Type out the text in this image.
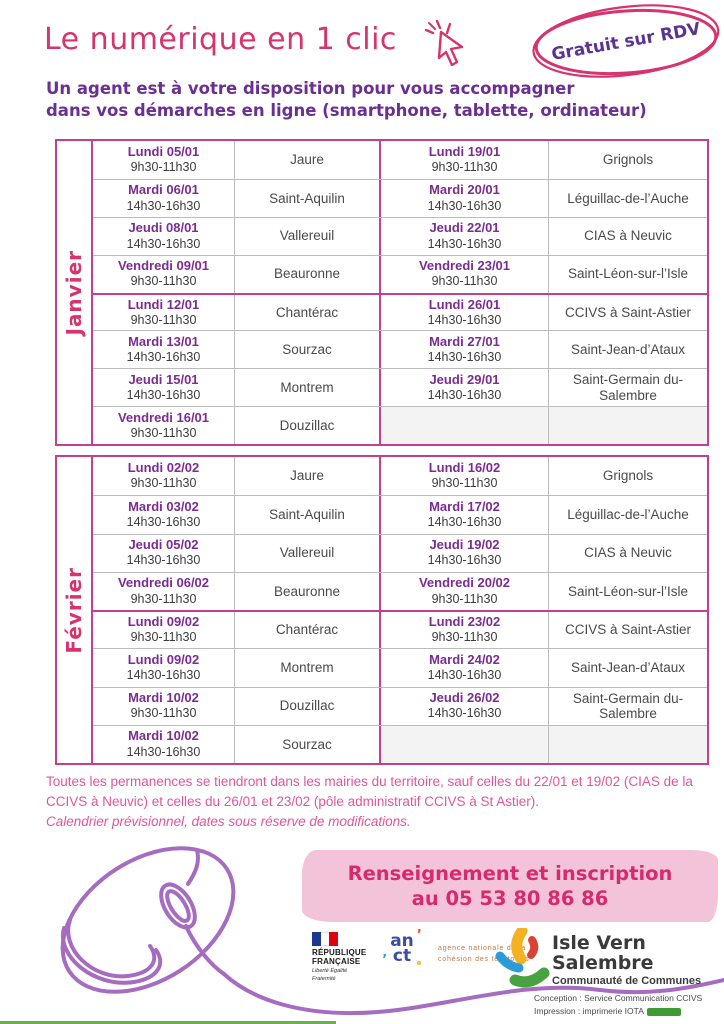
Le numérique en 1 clic	Gratuit sur RDV
Un agent est à votre disposition pour vous accompagner
dans vos démarches en ligne (smartphone, tablette, ordinateur)
Janvier
Lundi 05/01
9h30-11h30
Jaure
Lundi 19/01
9h30-11h30
Grignols
Mardi 06/01
14h30-16h30
Saint-Aquilin
Mardi 20/01
14h30-16h30
Léguillac-de-l’Auche
Jeudi 08/01
14h30-16h30
Vallereuil
Jeudi 22/01
14h30-16h30
CIAS à Neuvic
Vendredi 09/01
9h30-11h30
Beauronne
Vendredi 23/01
9h30-11h30
Saint-Léon-sur-l’Isle
Lundi 12/01
9h30-11h30
Chantérac
Lundi 26/01
14h30-16h30
CCIVS à Saint-Astier
Mardi 13/01
14h30-16h30
Sourzac
Mardi 27/01
14h30-16h30
Saint-Jean-d’Ataux
Jeudi 15/01
14h30-16h30
Montrem
Jeudi 29/01
14h30-16h30
Saint-Germain du-Salembre
Vendredi 16/01
9h30-11h30
Douzillac
Février
Lundi 02/02
9h30-11h30
Jaure
Lundi 16/02
9h30-11h30
Grignols
Mardi 03/02
14h30-16h30
Saint-Aquilin
Mardi 17/02
14h30-16h30
Léguillac-de-l’Auche
Jeudi 05/02
14h30-16h30
Vallereuil
Jeudi 19/02
14h30-16h30
CIAS à Neuvic
Vendredi 06/02
9h30-11h30
Beauronne
Vendredi 20/02
9h30-11h30
Saint-Léon-sur-l’Isle
Lundi 09/02
9h30-11h30
Chantérac
Lundi 23/02
9h30-11h30
CCIVS à Saint-Astier
Lundi 09/02
14h30-16h30
Montrem
Mardi 24/02
14h30-16h30
Saint-Jean-d’Ataux
Mardi 10/02
9h30-11h30
Douzillac
Jeudi 26/02
14h30-16h30
Saint-Germain du-Salembre
Mardi 10/02
14h30-16h30
Sourzac

Toutes les permanences se tiendront dans les mairies du territoire, sauf celles du 22/01 et 19/02 (CIAS de la CCIVS à Neuvic) et celles du 26/01 et 23/02 (pôle administratif CCIVS à St Astier).

Calendrier prévisionnel, dates sous réserve de modifications.

Renseignement et inscription
au 05 53 80 86 86
RÉPUBLIQUE
FRANÇAISE
Liberté Égalité Fraternité
’
’
an
ct	agence nationale de la cohésion des territoires
Isle Vern Salembre
Communauté de Communes
Conception : Service Communication CCIVS
Impression : imprimerie IOTA
